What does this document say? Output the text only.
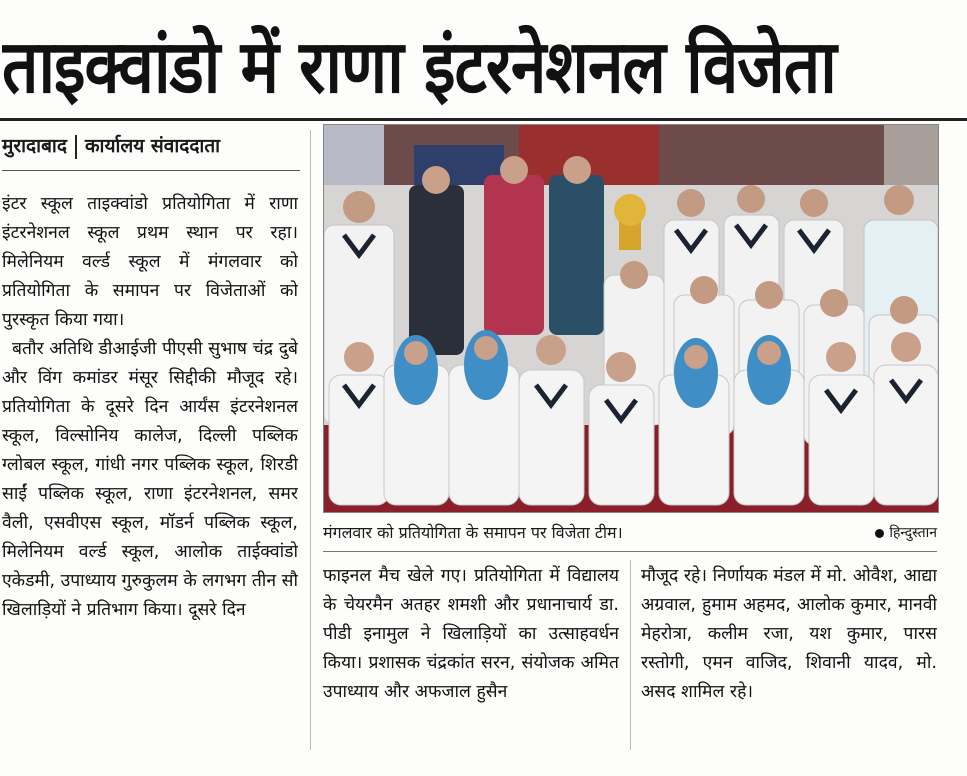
ताइक्वांडो में राणा इंटरनेशनल विजेता
मुरादाबाद कार्यालय संवाददाता

इंटर स्कूल ताइक्वांडो प्रतियोगिता में राणा इंटरनेशनल स्कूल प्रथम स्थान पर रहा। मिलेनियम वर्ल्ड स्कूल में मंगलवार को प्रतियोगिता के समापन पर विजेताओं को पुरस्कृत किया गया।

बतौर अतिथि डीआईजी पीएसी सुभाष चंद्र दुबे और विंग कमांडर मंसूर सिद्दीकी मौजूद रहे। प्रतियोगिता के दूसरे दिन आर्यंस इंटरनेशनल स्कूल, विल्सोनिय कालेज, दिल्ली पब्लिक ग्लोबल स्कूल, गांधी नगर पब्लिक स्कूल, शिरडी साईं पब्लिक स्कूल, राणा इंटरनेशनल, समर वैली, एसवीएस स्कूल, मॉडर्न पब्लिक स्कूल, मिलेनियम वर्ल्ड स्कूल, आलोक ताईक्वांडो एकेडमी, उपाध्याय गुरुकुलम के लगभग तीन सौ खिलाड़ियों ने प्रतिभाग किया। दूसरे दिन

मंगलवार को प्रतियोगिता के समापन पर विजेता टीम।	हिन्दुस्तान

फाइनल मैच खेले गए। प्रतियोगिता में विद्यालय के चेयरमैन अतहर शमशी और प्रधानाचार्य डा. पीडी इनामुल ने खिलाड़ियों का उत्साहवर्धन किया। प्रशासक चंद्रकांत सरन, संयोजक अमित उपाध्याय और अफजाल हुसैन

मौजूद रहे। निर्णायक मंडल में मो. ओवैश, आद्या अग्रवाल, हुमाम अहमद, आलोक कुमार, मानवी मेहरोत्रा, कलीम रजा, यश कुमार, पारस रस्तोगी, एमन वाजिद, शिवानी यादव, मो. असद शामिल रहे।
